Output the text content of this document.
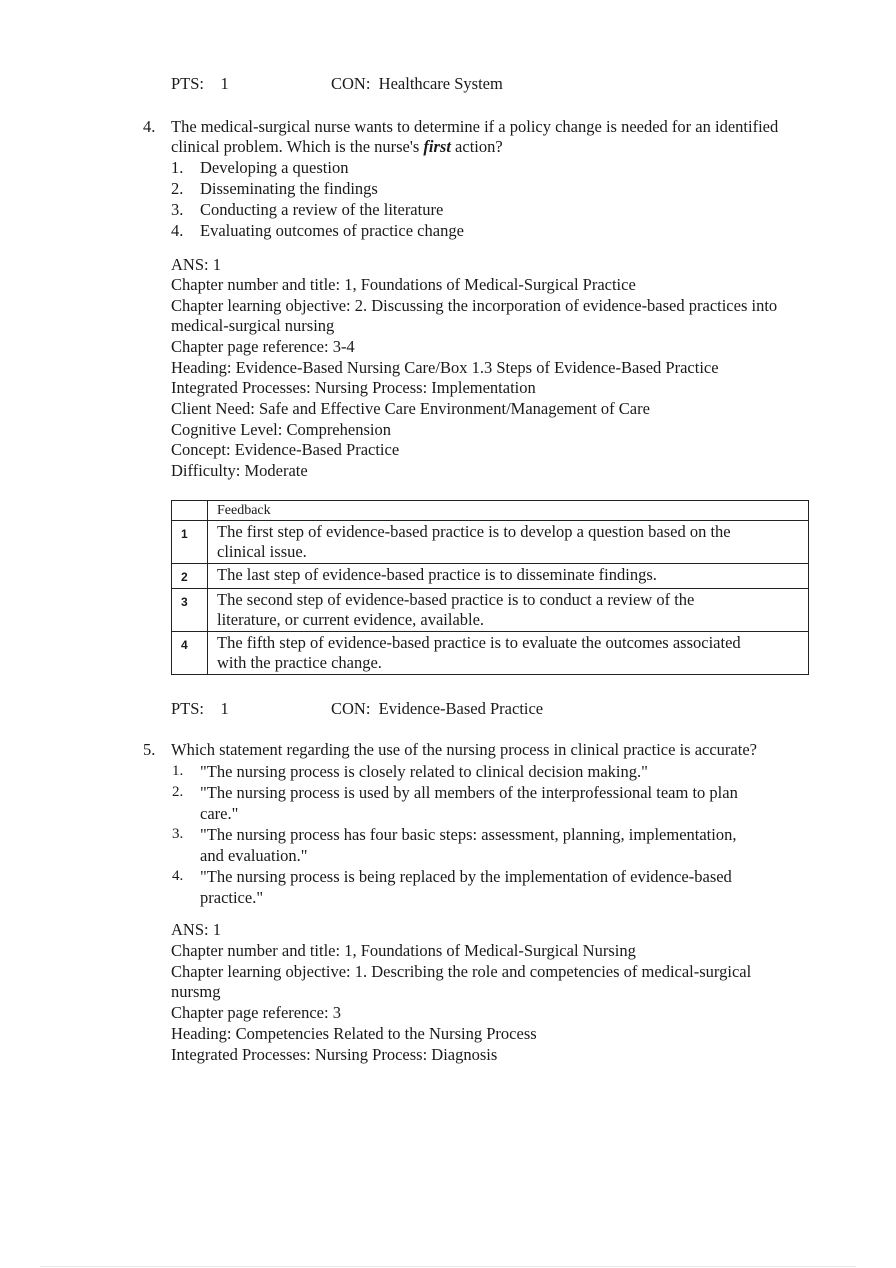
PTS: 1	CON: Healthcare System
4. The medical-surgical nurse wants to determine if a policy change is needed for an identified
clinical problem. Which is the nurse's first action?
1. Developing a question
2. Disseminating the findings
3. Conducting a review of the literature
4. Evaluating outcomes of practice change
ANS: 1
Chapter number and title: 1, Foundations of Medical-Surgical Practice
Chapter learning objective: 2. Discussing the incorporation of evidence-based practices into
medical-surgical nursing
Chapter page reference: 3-4
Heading: Evidence-Based Nursing Care/Box 1.3 Steps of Evidence-Based Practice
Integrated Processes: Nursing Process: Implementation
Client Need: Safe and Effective Care Environment/Management of Care
Cognitive Level: Comprehension
Concept: Evidence-Based Practice
Difficulty: Moderate
	Feedback
1	The first step of evidence-based practice is to develop a question based on the
clinical issue.
2	The last step of evidence-based practice is to disseminate findings.
3	The second step of evidence-based practice is to conduct a review of the
literature, or current evidence, available.
4	The fifth step of evidence-based practice is to evaluate the outcomes associated
with the practice change.
PTS: 1	CON: Evidence-Based Practice
5. Which statement regarding the use of the nursing process in clinical practice is accurate?
1. "The nursing process is closely related to clinical decision making."
2. "The nursing process is used by all members of the interprofessional team to plan
care."
3. "The nursing process has four basic steps: assessment, planning, implementation,
and evaluation."
4. "The nursing process is being replaced by the implementation of evidence-based
practice."
ANS: 1
Chapter number and title: 1, Foundations of Medical-Surgical Nursing
Chapter learning objective: 1. Describing the role and competencies of medical-surgical
nursmg
Chapter page reference: 3
Heading: Competencies Related to the Nursing Process
Integrated Processes: Nursing Process: Diagnosis
